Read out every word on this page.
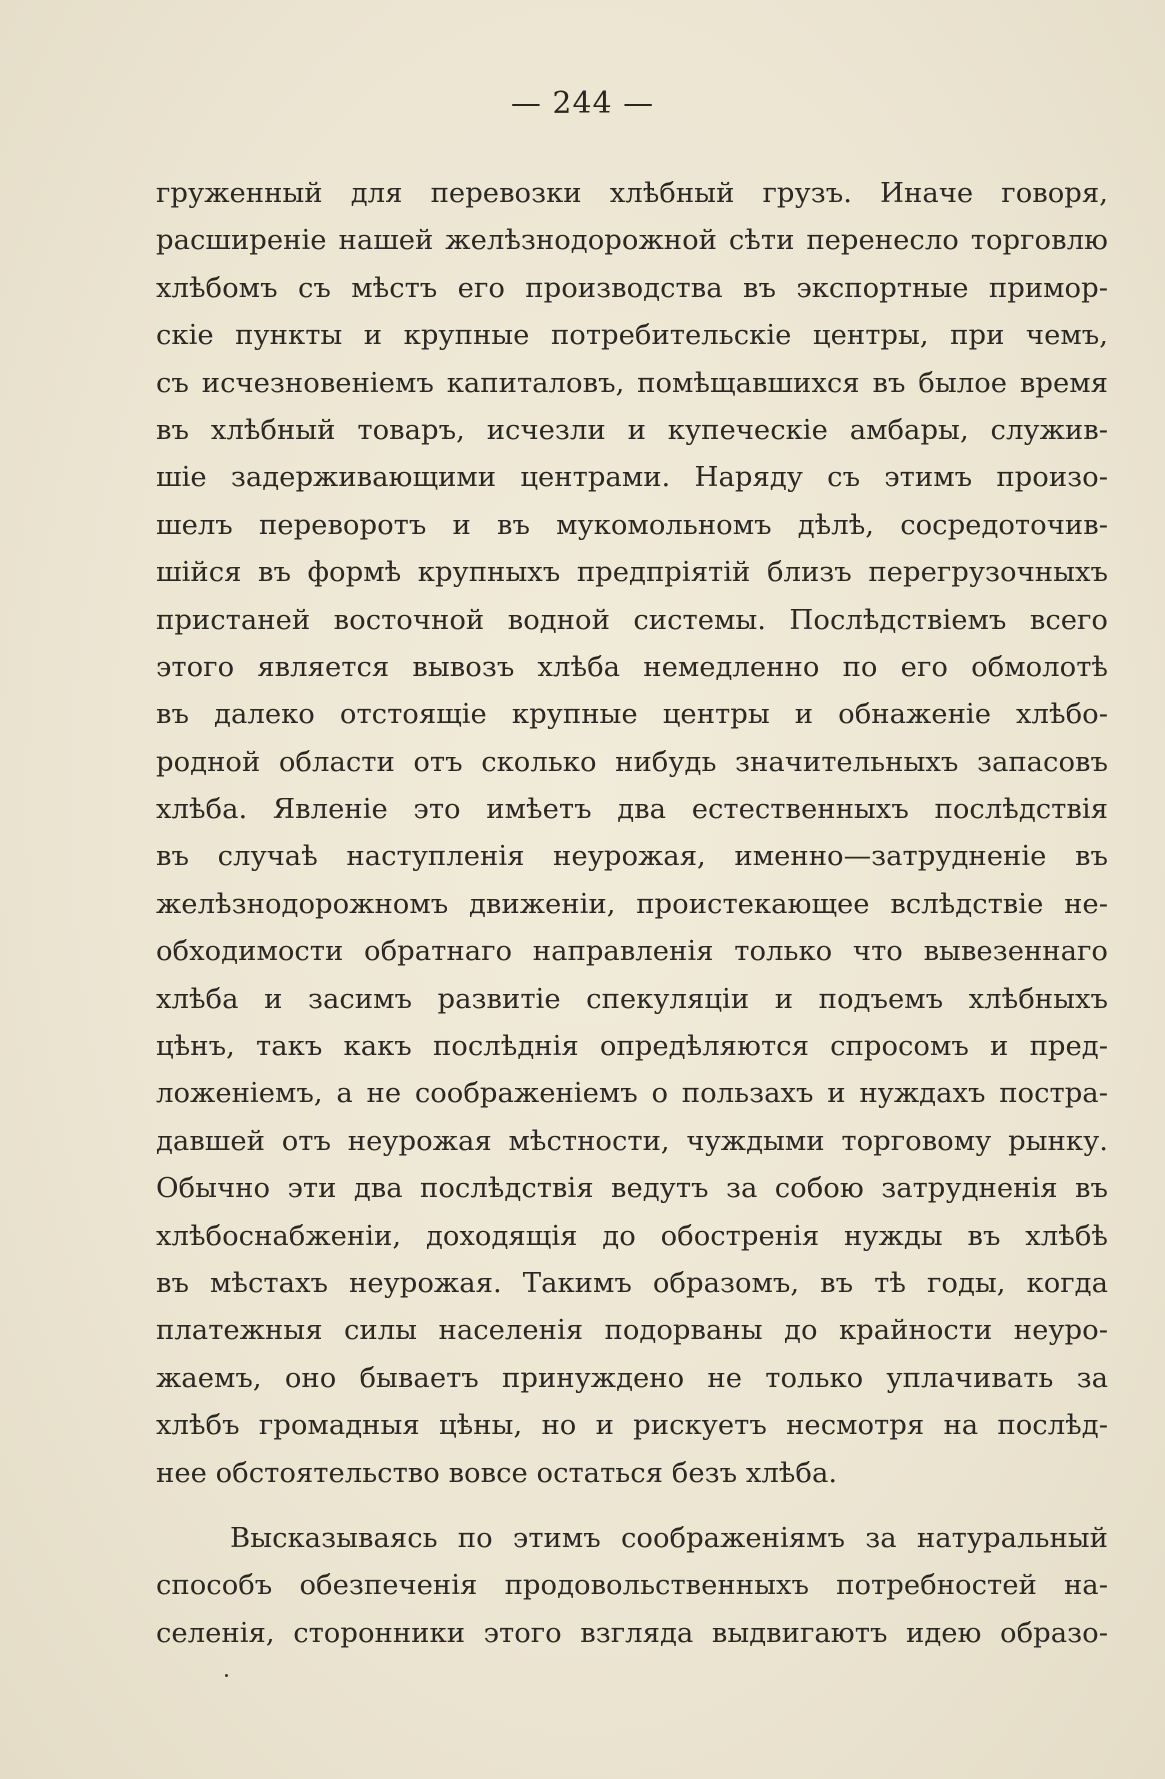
— 244 —
груженный для перевозки хлѣбный грузъ. Иначе говоря,
расширеніе нашей желѣзнодорожной сѣти перенесло торговлю
хлѣбомъ съ мѣстъ его производства въ экспортные примор-
скіе пункты и крупные потребительскіе центры, при чемъ,
съ исчезновеніемъ капиталовъ, помѣщавшихся въ былое время
въ хлѣбный товаръ, исчезли и купеческіе амбары, служив-
шіе задерживающими центрами. Наряду съ этимъ произо-
шелъ переворотъ и въ мукомольномъ дѣлѣ, сосредоточив-
шійся въ формѣ крупныхъ предпріятій близъ перегрузочныхъ
пристаней восточной водной системы. Послѣдствіемъ всего
этого является вывозъ хлѣба немедленно по его обмолотѣ
въ далеко отстоящіе крупные центры и обнаженіе хлѣбо-
родной области отъ сколько нибудь значительныхъ запасовъ
хлѣба. Явленіе это имѣетъ два естественныхъ послѣдствія
въ случаѣ наступленія неурожая, именно—затрудненіе въ
желѣзнодорожномъ движеніи, проистекающее вслѣдствіе не-
обходимости обратнаго направленія только что вывезеннаго
хлѣба и засимъ развитіе спекуляціи и подъемъ хлѣбныхъ
цѣнъ, такъ какъ послѣднія опредѣляются спросомъ и пред-
ложеніемъ, а не соображеніемъ о пользахъ и нуждахъ постра-
давшей отъ неурожая мѣстности, чуждыми торговому рынку.
Обычно эти два послѣдствія ведутъ за собою затрудненія въ
хлѣбоснабженіи, доходящія до обостренія нужды въ хлѣбѣ
въ мѣстахъ неурожая. Такимъ образомъ, въ тѣ годы, когда
платежныя силы населенія подорваны до крайности неуро-
жаемъ, оно бываетъ принуждено не только уплачивать за
хлѣбъ громадныя цѣны, но и рискуетъ несмотря на послѣд-
нее обстоятельство вовсе остаться безъ хлѣба.
Высказываясь по этимъ соображеніямъ за натуральный
способъ обезпеченія продовольственныхъ потребностей на-
селенія, сторонники этого взгляда выдвигаютъ идею образо-
